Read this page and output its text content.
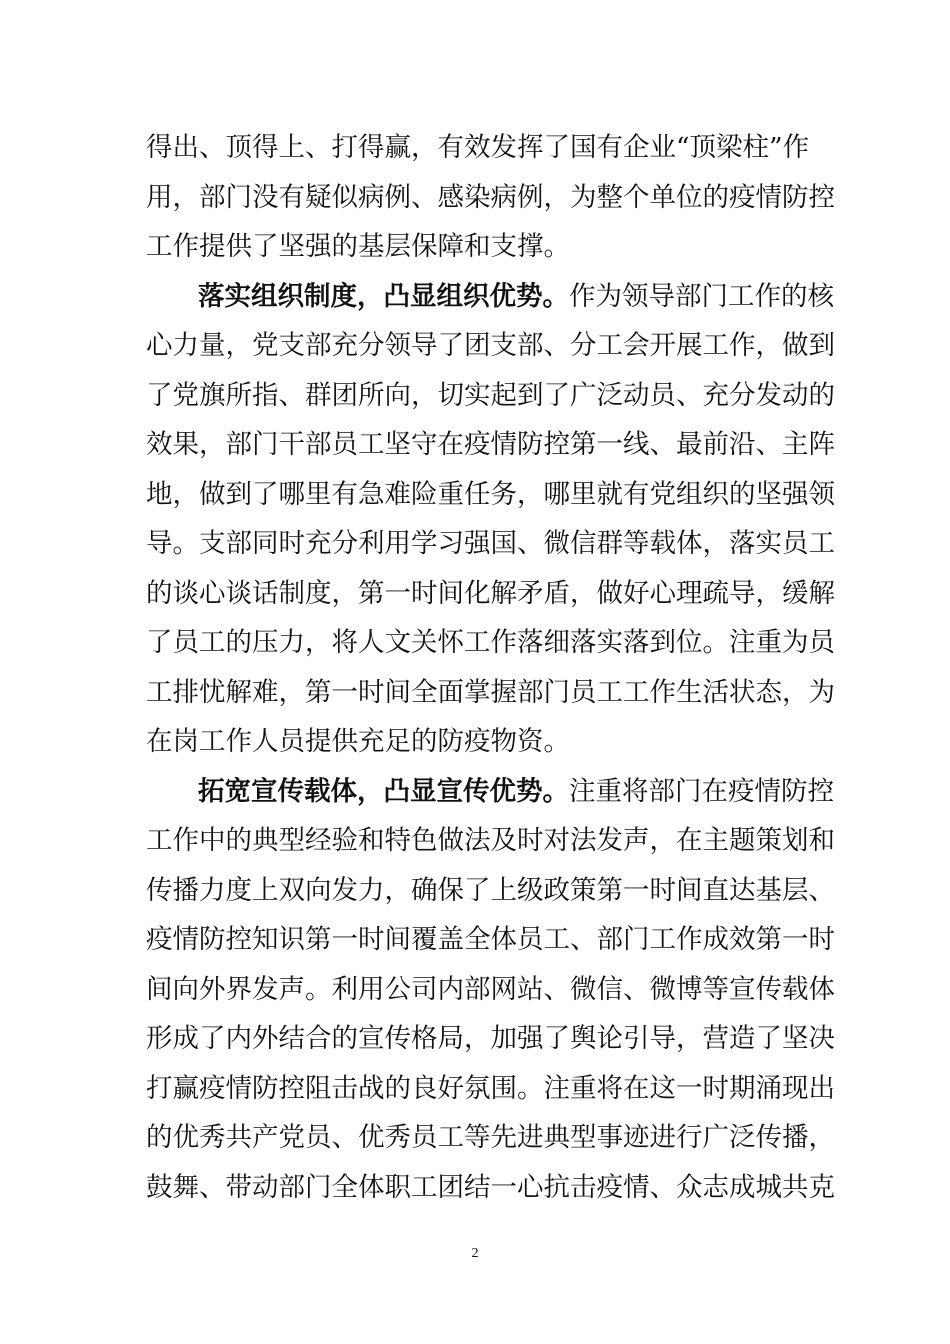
得出、顶得上、打得赢，有效发挥了国有企业“顶梁柱”作
用，部门没有疑似病例、感染病例，为整个单位的疫情防控
工作提供了坚强的基层保障和支撑。
落实组织制度，凸显组织优势。作为领导部门工作的核
心力量，党支部充分领导了团支部、分工会开展工作，做到
了党旗所指、群团所向，切实起到了广泛动员、充分发动的
效果，部门干部员工坚守在疫情防控第一线、最前沿、主阵
地，做到了哪里有急难险重任务，哪里就有党组织的坚强领
导。支部同时充分利用学习强国、微信群等载体，落实员工
的谈心谈话制度，第一时间化解矛盾，做好心理疏导，缓解
了员工的压力，将人文关怀工作落细落实落到位。注重为员
工排忧解难，第一时间全面掌握部门员工工作生活状态，为
在岗工作人员提供充足的防疫物资。
拓宽宣传载体，凸显宣传优势。注重将部门在疫情防控
工作中的典型经验和特色做法及时对法发声，在主题策划和
传播力度上双向发力，确保了上级政策第一时间直达基层、
疫情防控知识第一时间覆盖全体员工、部门工作成效第一时
间向外界发声。利用公司内部网站、微信、微博等宣传载体
形成了内外结合的宣传格局，加强了舆论引导，营造了坚决
打赢疫情防控阻击战的良好氛围。注重将在这一时期涌现出
的优秀共产党员、优秀员工等先进典型事迹进行广泛传播，
鼓舞、带动部门全体职工团结一心抗击疫情、众志成城共克
2
